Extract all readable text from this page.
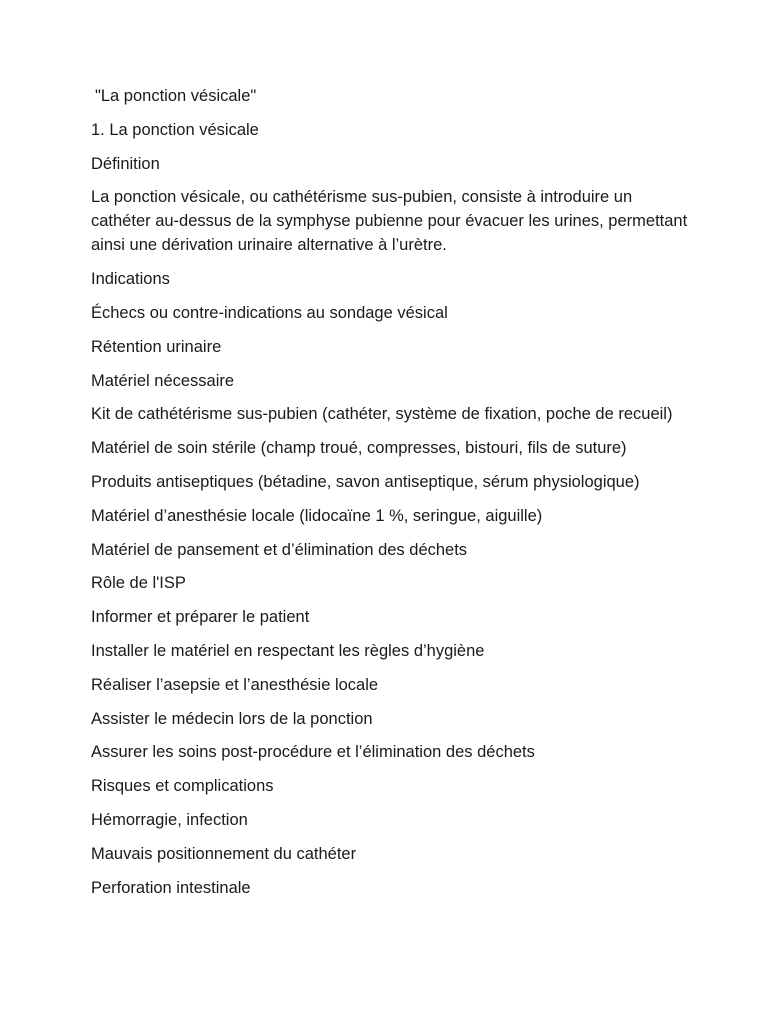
"La ponction vésicale"

1. La ponction vésicale

Définition

La ponction vésicale, ou cathétérisme sus-pubien, consiste à introduire un cathéter au-dessus de la symphyse pubienne pour évacuer les urines, permettant ainsi une dérivation urinaire alternative à l’urètre.

Indications

Échecs ou contre-indications au sondage vésical

Rétention urinaire

Matériel nécessaire

Kit de cathétérisme sus-pubien (cathéter, système de fixation, poche de recueil)

Matériel de soin stérile (champ troué, compresses, bistouri, fils de suture)

Produits antiseptiques (bétadine, savon antiseptique, sérum physiologique)

Matériel d’anesthésie locale (lidocaïne 1 %, seringue, aiguille)

Matériel de pansement et d’élimination des déchets

Rôle de l'ISP

Informer et préparer le patient

Installer le matériel en respectant les règles d’hygiène

Réaliser l’asepsie et l’anesthésie locale

Assister le médecin lors de la ponction

Assurer les soins post-procédure et l’élimination des déchets

Risques et complications

Hémorragie, infection

Mauvais positionnement du cathéter

Perforation intestinale
